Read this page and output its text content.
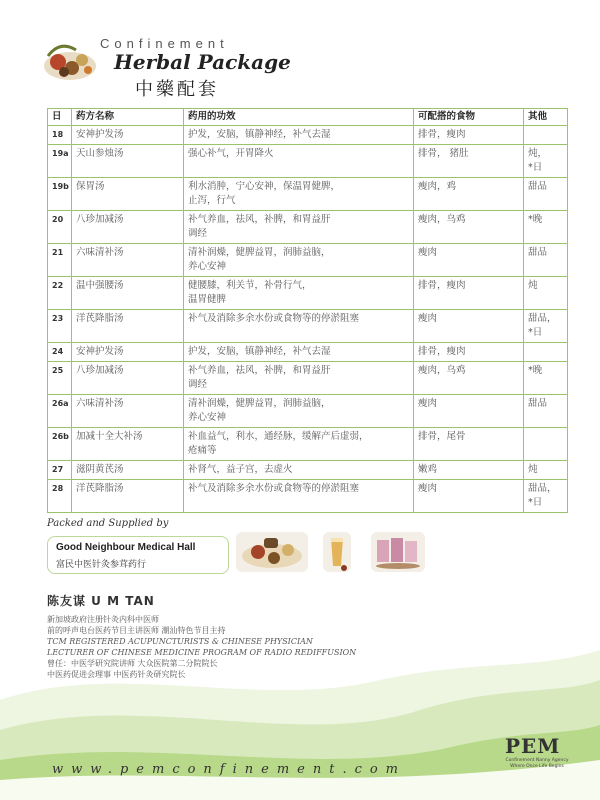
Confinement
Herbal Package
中藥配套
日	药方名称	药用的功效	可配搭的食物	其他
18	安神护发汤	护发，安脑，镇静神经，补气去湿	排骨，瘦肉	
19a	天山参烛汤	强心补气，开胃降火	排骨， 猪肚	炖，
*日
19b	保胃汤	利水消肿，宁心安神，保温胃健脾，
止泻，行气	瘦肉，鸡	甜品
20	八珍加减汤	补气养血，祛风，补脾，和胃益肝
调经	瘦肉，乌鸡	*晚
21	六味清补汤	清补润燥，健脾益胃，润肺益脑，
养心安神	瘦肉	甜品
22	温中强腰汤	健腰膝，利关节，补骨行气，
温胃健脾	排骨，瘦肉	炖
23	洋芪降脂汤	补气及消除多余水份或食物等的停淤阻塞	瘦肉	甜品，
*日
24	安神护发汤	护发，安脑，镇静神经，补气去湿	排骨，瘦肉	
25	八珍加减汤	补气养血，祛风，补脾，和胃益肝
调经	瘦肉，乌鸡	*晚
26a	六味清补汤	清补润燥，健脾益胃，润肺益脑，
养心安神	瘦肉	甜品
26b	加减十全大补汤	补血益气，利水，通经脉，缓解产后虚弱，
疮痛等	排骨，尾骨	
27	滋阴黄芪汤	补肾气，益子宫，去虚火	嫩鸡	炖
28	洋芪降脂汤	补气及消除多余水份或食物等的停淤阻塞	瘦肉	甜品，
*日
Packed and Supplied by
Good Neighbour Medical Hall
富民中医针灸参茸药行
陈友谋 U M TAN
新加坡政府注册针灸内科中医师
前的呼声电台医药节目主讲医师 潮汕特色节目主持
TCM REGISTERED ACUPUNCTURISTS & CHINESE PHYSICIAN
LECTURER OF CHINESE MEDICINE PROGRAM OF RADIO REDIFFUSION
曾任：中医学研究院讲师 大众医院第二分院院长
中医药促进会理事 中医药针灸研究院长
www.pemconfinement.com
PEM
Confinement Nanny Agency
Where Once Life Begins
